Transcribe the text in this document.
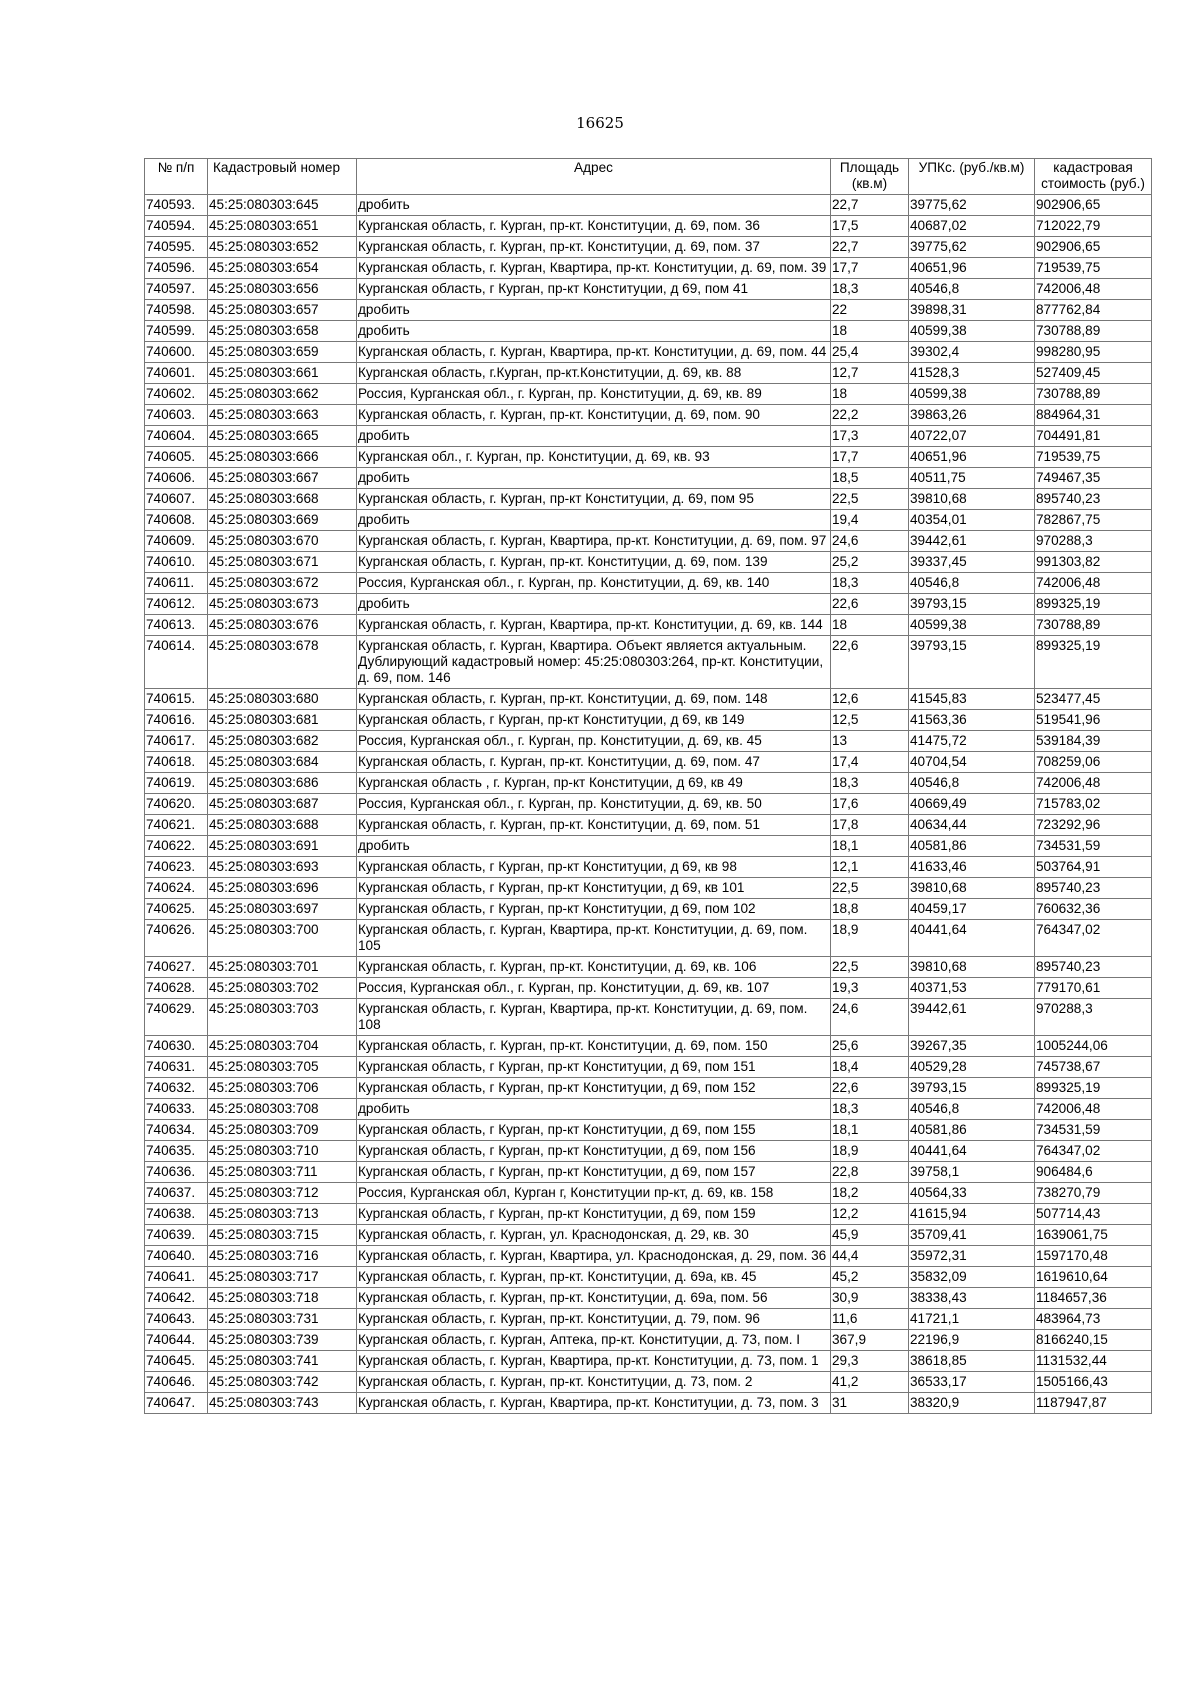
16625
№ п/п	Кадастровый номер	Адрес	Площадь (кв.м)	УПКс. (руб./кв.м)	кадастровая стоимость (руб.)
740593.	45:25:080303:645	дробить	22,7	39775,62	902906,65
740594.	45:25:080303:651	Курганская область, г. Курган, пр-кт. Конституции, д. 69, пом. 36	17,5	40687,02	712022,79
740595.	45:25:080303:652	Курганская область, г. Курган, пр-кт. Конституции, д. 69, пом. 37	22,7	39775,62	902906,65
740596.	45:25:080303:654	Курганская область, г. Курган, Квартира, пр-кт. Конституции, д. 69, пом. 39	17,7	40651,96	719539,75
740597.	45:25:080303:656	Курганская область, г Курган, пр-кт Конституции, д 69, пом 41	18,3	40546,8	742006,48
740598.	45:25:080303:657	дробить	22	39898,31	877762,84
740599.	45:25:080303:658	дробить	18	40599,38	730788,89
740600.	45:25:080303:659	Курганская область, г. Курган, Квартира, пр-кт. Конституции, д. 69, пом. 44	25,4	39302,4	998280,95
740601.	45:25:080303:661	Курганская область, г.Курган, пр-кт.Конституции, д. 69, кв. 88	12,7	41528,3	527409,45
740602.	45:25:080303:662	Россия, Курганская обл., г. Курган, пр. Конституции, д. 69, кв. 89	18	40599,38	730788,89
740603.	45:25:080303:663	Курганская область, г. Курган, пр-кт. Конституции, д. 69, пом. 90	22,2	39863,26	884964,31
740604.	45:25:080303:665	дробить	17,3	40722,07	704491,81
740605.	45:25:080303:666	Курганская обл., г. Курган, пр. Конституции, д. 69, кв. 93	17,7	40651,96	719539,75
740606.	45:25:080303:667	дробить	18,5	40511,75	749467,35
740607.	45:25:080303:668	Курганская область, г. Курган, пр-кт Конституции, д. 69, пом 95	22,5	39810,68	895740,23
740608.	45:25:080303:669	дробить	19,4	40354,01	782867,75
740609.	45:25:080303:670	Курганская область, г. Курган, Квартира, пр-кт. Конституции, д. 69, пом. 97	24,6	39442,61	970288,3
740610.	45:25:080303:671	Курганская область, г. Курган, пр-кт. Конституции, д. 69, пом. 139	25,2	39337,45	991303,82
740611.	45:25:080303:672	Россия, Курганская обл., г. Курган, пр. Конституции, д. 69, кв. 140	18,3	40546,8	742006,48
740612.	45:25:080303:673	дробить	22,6	39793,15	899325,19
740613.	45:25:080303:676	Курганская область, г. Курган, Квартира, пр-кт. Конституции, д. 69, кв. 144	18	40599,38	730788,89
740614.	45:25:080303:678	Курганская область, г. Курган, Квартира. Объект является актуальным. Дублирующий кадастровый номер: 45:25:080303:264, пр-кт. Конституции, д. 69, пом. 146	22,6	39793,15	899325,19
740615.	45:25:080303:680	Курганская область, г. Курган, пр-кт. Конституции, д. 69, пом. 148	12,6	41545,83	523477,45
740616.	45:25:080303:681	Курганская область, г Курган, пр-кт Конституции, д 69, кв 149	12,5	41563,36	519541,96
740617.	45:25:080303:682	Россия, Курганская обл., г. Курган, пр. Конституции, д. 69, кв. 45	13	41475,72	539184,39
740618.	45:25:080303:684	Курганская область, г. Курган, пр-кт. Конституции, д. 69, пом. 47	17,4	40704,54	708259,06
740619.	45:25:080303:686	Курганская область , г. Курган, пр-кт Конституции, д 69, кв 49	18,3	40546,8	742006,48
740620.	45:25:080303:687	Россия, Курганская обл., г. Курган, пр. Конституции, д. 69, кв. 50	17,6	40669,49	715783,02
740621.	45:25:080303:688	Курганская область, г. Курган, пр-кт. Конституции, д. 69, пом. 51	17,8	40634,44	723292,96
740622.	45:25:080303:691	дробить	18,1	40581,86	734531,59
740623.	45:25:080303:693	Курганская область, г Курган, пр-кт Конституции, д 69, кв 98	12,1	41633,46	503764,91
740624.	45:25:080303:696	Курганская область, г Курган, пр-кт Конституции, д 69, кв 101	22,5	39810,68	895740,23
740625.	45:25:080303:697	Курганская область, г Курган, пр-кт Конституции, д 69, пом 102	18,8	40459,17	760632,36
740626.	45:25:080303:700	Курганская область, г. Курган, Квартира, пр-кт. Конституции, д. 69, пом. 105	18,9	40441,64	764347,02
740627.	45:25:080303:701	Курганская область, г. Курган, пр-кт. Конституции, д. 69, кв. 106	22,5	39810,68	895740,23
740628.	45:25:080303:702	Россия, Курганская обл., г. Курган, пр. Конституции, д. 69, кв. 107	19,3	40371,53	779170,61
740629.	45:25:080303:703	Курганская область, г. Курган, Квартира, пр-кт. Конституции, д. 69, пом. 108	24,6	39442,61	970288,3
740630.	45:25:080303:704	Курганская область, г. Курган, пр-кт. Конституции, д. 69, пом. 150	25,6	39267,35	1005244,06
740631.	45:25:080303:705	Курганская область, г Курган, пр-кт Конституции, д 69, пом 151	18,4	40529,28	745738,67
740632.	45:25:080303:706	Курганская область, г Курган, пр-кт Конституции, д 69, пом 152	22,6	39793,15	899325,19
740633.	45:25:080303:708	дробить	18,3	40546,8	742006,48
740634.	45:25:080303:709	Курганская область, г Курган, пр-кт Конституции, д 69, пом 155	18,1	40581,86	734531,59
740635.	45:25:080303:710	Курганская область, г Курган, пр-кт Конституции, д 69, пом 156	18,9	40441,64	764347,02
740636.	45:25:080303:711	Курганская область, г Курган, пр-кт Конституции, д 69, пом 157	22,8	39758,1	906484,6
740637.	45:25:080303:712	Россия, Курганская обл, Курган г, Конституции пр-кт, д. 69, кв. 158	18,2	40564,33	738270,79
740638.	45:25:080303:713	Курганская область, г Курган, пр-кт Конституции, д 69, пом 159	12,2	41615,94	507714,43
740639.	45:25:080303:715	Курганская область, г. Курган, ул. Краснодонская, д. 29, кв. 30	45,9	35709,41	1639061,75
740640.	45:25:080303:716	Курганская область, г. Курган, Квартира, ул. Краснодонская, д. 29, пом. 36	44,4	35972,31	1597170,48
740641.	45:25:080303:717	Курганская область, г. Курган, пр-кт. Конституции, д. 69а, кв. 45	45,2	35832,09	1619610,64
740642.	45:25:080303:718	Курганская область, г. Курган, пр-кт. Конституции, д. 69а, пом. 56	30,9	38338,43	1184657,36
740643.	45:25:080303:731	Курганская область, г. Курган, пр-кт. Конституции, д. 79, пом. 96	11,6	41721,1	483964,73
740644.	45:25:080303:739	Курганская область, г. Курган, Аптека, пр-кт. Конституции, д. 73, пом. I	367,9	22196,9	8166240,15
740645.	45:25:080303:741	Курганская область, г. Курган, Квартира, пр-кт. Конституции, д. 73, пом. 1	29,3	38618,85	1131532,44
740646.	45:25:080303:742	Курганская область, г. Курган, пр-кт. Конституции, д. 73, пом. 2	41,2	36533,17	1505166,43
740647.	45:25:080303:743	Курганская область, г. Курган, Квартира, пр-кт. Конституции, д. 73, пом. 3	31	38320,9	1187947,87
